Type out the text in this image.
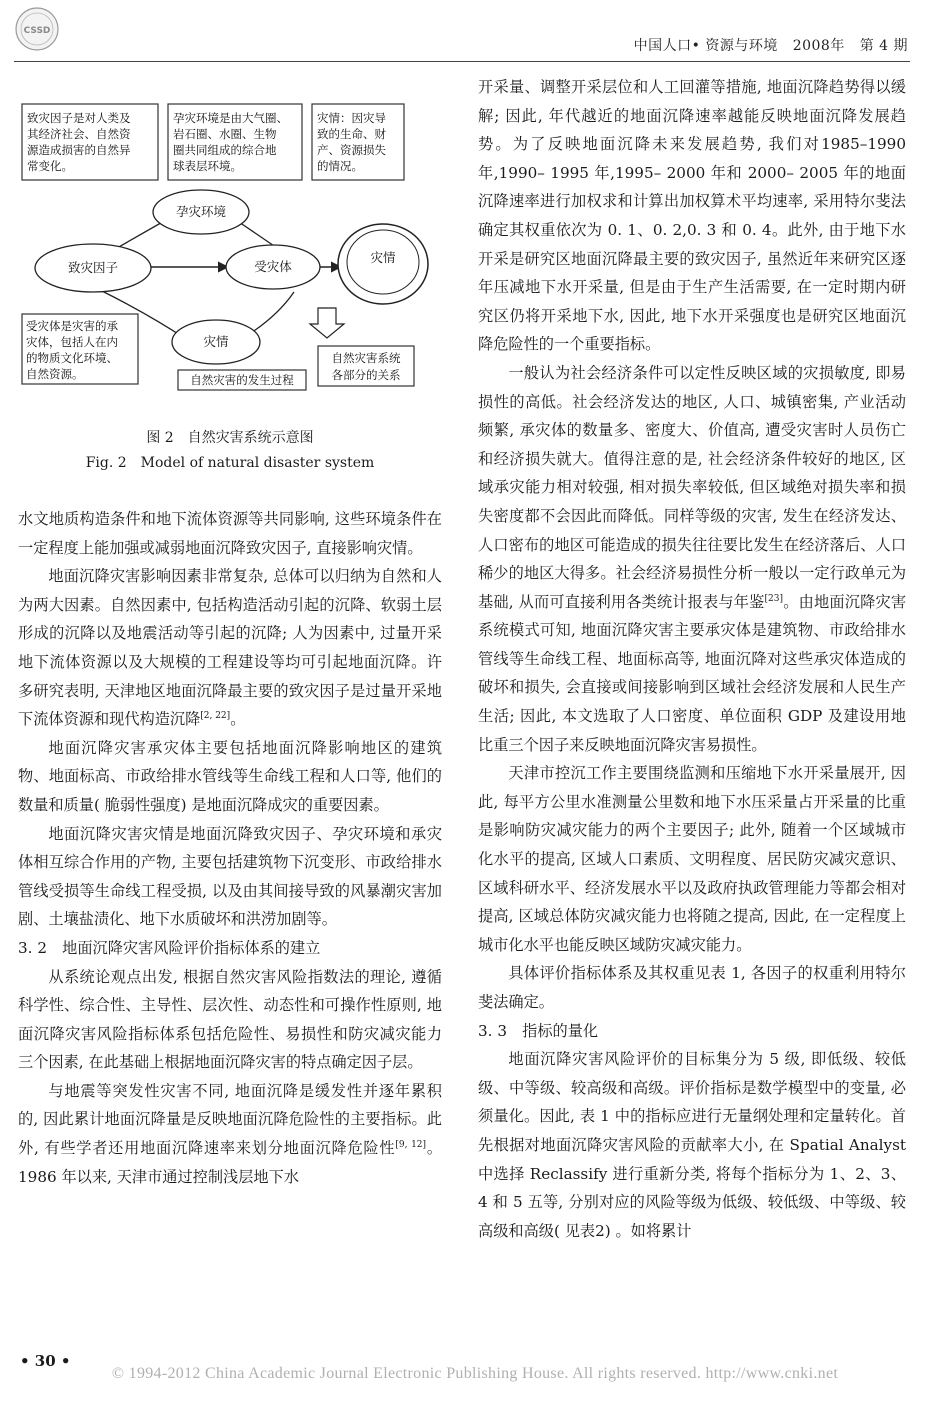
CSSD
中国人口• 资源与环境 2008年 第 4 期
致灾因子是对人类及
其经济社会、自然资
源造成损害的自然异
常变化。
孕灾环境是由大气圈、
岩石圈、水圈、生物
圈共同组成的综合地
球表层环境。
灾情：因灾导
致的生命、财
产、资源损失
的情况。
孕灾环境
致灾因子	受灾体
灾情
灾情
受灾体是灾害的承
灾体，包括人在内
的物质文化环境、
自然资源。	自然灾害的发生过程
自然灾害系统
各部分的关系
图 2　自然灾害系统示意图
Fig. 2　Model of natural disaster system

水文地质构造条件和地下流体资源等共同影响, 这些环境条件在一定程度上能加强或减弱地面沉降致灾因子, 直接影响灾情。

地面沉降灾害影响因素非常复杂, 总体可以归纳为自然和人为两大因素。自然因素中, 包括构造活动引起的沉降、软弱土层形成的沉降以及地震活动等引起的沉降; 人为因素中, 过量开采地下流体资源以及大规模的工程建设等均可引起地面沉降。许多研究表明, 天津地区地面沉降最主要的致灾因子是过量开采地下流体资源和现代构造沉降[2, 22]。

地面沉降灾害承灾体主要包括地面沉降影响地区的建筑物、地面标高、市政给排水管线等生命线工程和人口等, 他们的数量和质量( 脆弱性强度) 是地面沉降成灾的重要因素。

地面沉降灾害灾情是地面沉降致灾因子、孕灾环境和承灾体相互综合作用的产物, 主要包括建筑物下沉变形、市政给排水管线受损等生命线工程受损, 以及由其间接导致的风暴潮灾害加剧、土壤盐渍化、地下水质破坏和洪涝加剧等。

3. 2　地面沉降灾害风险评价指标体系的建立

从系统论观点出发, 根据自然灾害风险指数法的理论, 遵循科学性、综合性、主导性、层次性、动态性和可操作性原则, 地面沉降灾害风险指标体系包括危险性、易损性和防灾减灾能力三个因素, 在此基础上根据地面沉降灾害的特点确定因子层。

与地震等突发性灾害不同, 地面沉降是缓发性并逐年累积的, 因此累计地面沉降量是反映地面沉降危险性的主要指标。此外, 有些学者还用地面沉降速率来划分地面沉降危险性[9, 12]。1986 年以来, 天津市通过控制浅层地下水

开采量、调整开采层位和人工回灌等措施, 地面沉降趋势得以缓解; 因此, 年代越近的地面沉降速率越能反映地面沉降发展趋势。为了反映地面沉降未来发展趋势, 我们对1985–1990 年,1990– 1995 年,1995– 2000 年和 2000– 2005 年的地面沉降速率进行加权求和计算出加权算术平均速率, 采用特尔斐法确定其权重依次为 0. 1、0. 2,0. 3 和 0. 4。此外, 由于地下水开采是研究区地面沉降最主要的致灾因子, 虽然近年来研究区逐年压减地下水开采量, 但是由于生产生活需要, 在一定时期内研究区仍将开采地下水, 因此, 地下水开采强度也是研究区地面沉降危险性的一个重要指标。

一般认为社会经济条件可以定性反映区域的灾损敏度, 即易损性的高低。社会经济发达的地区, 人口、城镇密集, 产业活动频繁, 承灾体的数量多、密度大、价值高, 遭受灾害时人员伤亡和经济损失就大。值得注意的是, 社会经济条件较好的地区, 区域承灾能力相对较强, 相对损失率较低, 但区域绝对损失率和损失密度都不会因此而降低。同样等级的灾害, 发生在经济发达、人口密布的地区可能造成的损失往往要比发生在经济落后、人口稀少的地区大得多。社会经济易损性分析一般以一定行政单元为基础, 从而可直接利用各类统计报表与年鉴[23]。由地面沉降灾害系统模式可知, 地面沉降灾害主要承灾体是建筑物、市政给排水管线等生命线工程、地面标高等, 地面沉降对这些承灾体造成的破坏和损失, 会直接或间接影响到区域社会经济发展和人民生产生活; 因此, 本文选取了人口密度、单位面积 GDP 及建设用地比重三个因子来反映地面沉降灾害易损性。

天津市控沉工作主要围绕监测和压缩地下水开采量展开, 因此, 每平方公里水准测量公里数和地下水压采量占开采量的比重是影响防灾减灾能力的两个主要因子; 此外, 随着一个区域城市化水平的提高, 区域人口素质、文明程度、居民防灾减灾意识、区域科研水平、经济发展水平以及政府执政管理能力等都会相对提高, 区域总体防灾减灾能力也将随之提高, 因此, 在一定程度上城市化水平也能反映区域防灾减灾能力。

具体评价指标体系及其权重见表 1, 各因子的权重利用特尔斐法确定。

3. 3　指标的量化

地面沉降灾害风险评价的目标集分为 5 级, 即低级、较低级、中等级、较高级和高级。评价指标是数学模型中的变量, 必须量化。因此, 表 1 中的指标应进行无量纲处理和定量转化。首先根据对地面沉降灾害风险的贡献率大小, 在 Spatial Analyst 中选择 Reclassify 进行重新分类, 将每个指标分为 1、2、3、4 和 5 五等, 分别对应的风险等级为低级、较低级、中等级、较高级和高级( 见表2) 。如将累计

• 30 •
© 1994-2012 China Academic Journal Electronic Publishing House. All rights reserved. http://www.cnki.net
